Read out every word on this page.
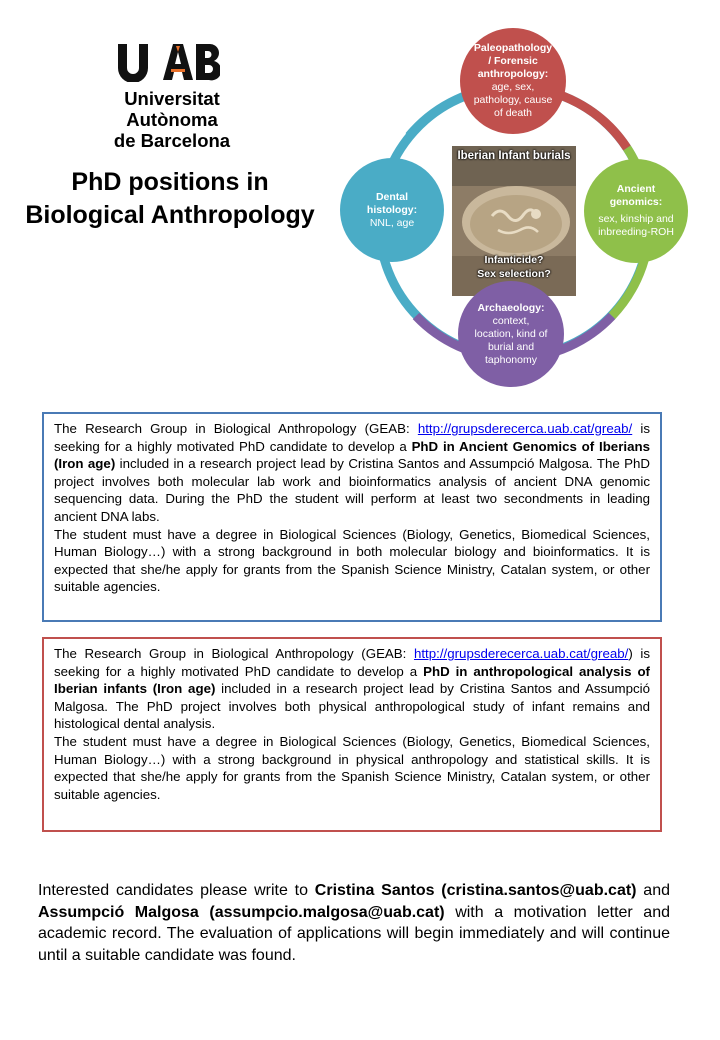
UAB
Universitat Autònoma
de Barcelona
PhD positions in
Biological Anthropology
Iberian Infant burials
Infanticide?
Sex selection?
Paleopathology
/ Forensic
anthropology:
age, sex,
pathology, cause
of death
Ancient
genomics:
sex, kinship and
inbreeding-ROH
Archaeology:
context,
location, kind of
burial and
taphonomy
Dental
histology:
NNL, age

The Research Group in Biological Anthropology (GEAB: http://grupsderecerca.uab.cat/greab/ is seeking for a highly motivated PhD candidate to develop a PhD in Ancient Genomics of Iberians (Iron age) included in a research project lead by Cristina Santos and Assumpció Malgosa. The PhD project involves both molecular lab work and bioinformatics analysis of ancient DNA genomic sequencing data. During the PhD the student will perform at least two secondments in leading ancient DNA labs.

The student must have a degree in Biological Sciences (Biology, Genetics, Biomedical Sciences, Human Biology…) with a strong background in both molecular biology and bioinformatics. It is expected that she/he apply for grants from the Spanish Science Ministry, Catalan system, or other suitable agencies.

The Research Group in Biological Anthropology (GEAB: http://grupsderecerca.uab.cat/greab/) is seeking for a highly motivated PhD candidate to develop a PhD in anthropological analysis of Iberian infants (Iron age) included in a research project lead by Cristina Santos and Assumpció Malgosa. The PhD project involves both physical anthropological study of infant remains and histological dental analysis.

The student must have a degree in Biological Sciences (Biology, Genetics, Biomedical Sciences, Human Biology…) with a strong background in physical anthropology and statistical skills. It is expected that she/he apply for grants from the Spanish Science Ministry, Catalan system, or other suitable agencies.

Interested candidates please write to Cristina Santos (cristina.santos@uab.cat) and Assumpció Malgosa (assumpcio.malgosa@uab.cat) with a motivation letter and academic record. The evaluation of applications will begin immediately and will continue until a suitable candidate was found.
